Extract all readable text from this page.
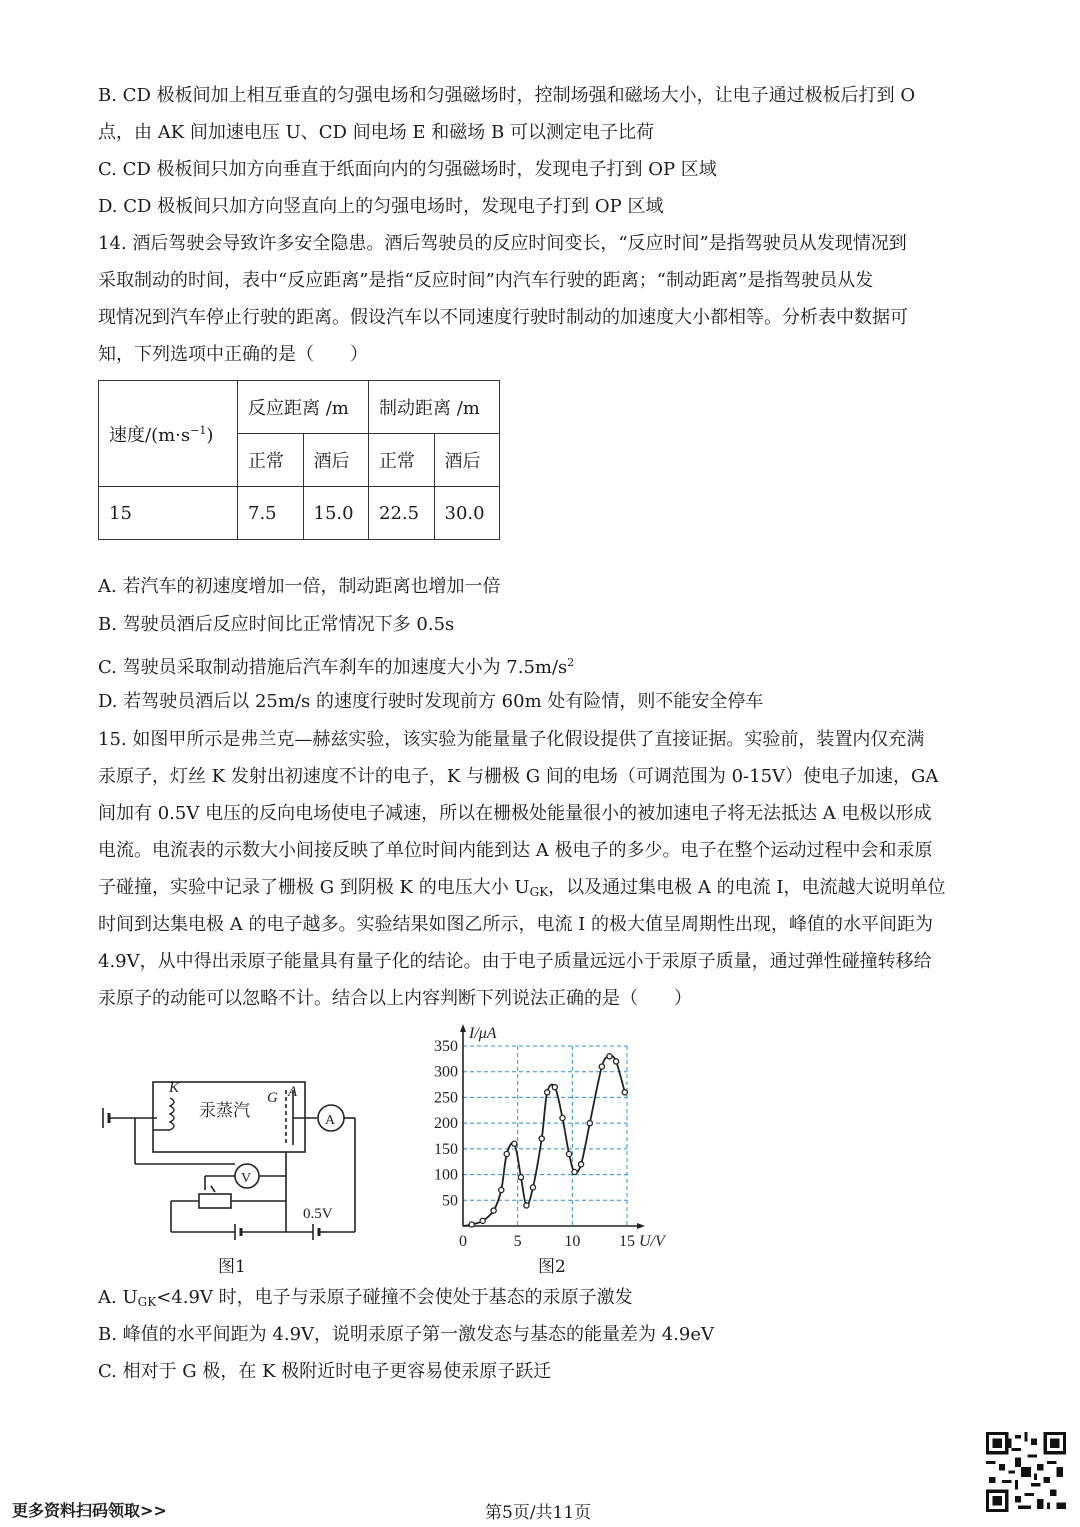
B. CD 极板间加上相互垂直的匀强电场和匀强磁场时，控制场强和磁场大小，让电子通过极板后打到 O
点，由 AK 间加速电压 U、CD 间电场 E 和磁场 B 可以测定电子比荷
C. CD 极板间只加方向垂直于纸面向内的匀强磁场时，发现电子打到 OP 区域
D. CD 极板间只加方向竖直向上的匀强电场时，发现电子打到 OP 区域
14. 酒后驾驶会导致许多安全隐患。酒后驾驶员的反应时间变长，“反应时间”是指驾驶员从发现情况到
采取制动的时间，表中“反应距离”是指“反应时间”内汽车行驶的距离；“制动距离”是指驾驶员从发
现情况到汽车停止行驶的距离。假设汽车以不同速度行驶时制动的加速度大小都相等。分析表中数据可
知，下列选项中正确的是（　　）
速度$/(m\cdot s^{-1})$	反应距离 /m		制动距离 /m	
	正常	酒后	正常	酒后
15	7.5	15.0	22.5	30.0
A. 若汽车的初速度增加一倍，制动距离也增加一倍
B. 驾驶员酒后反应时间比正常情况下多 0.5s
C. 驾驶员采取制动措施后汽车刹车的加速度大小为 $7.5m/s^2$
D. 若驾驶员酒后以 25m/s 的速度行驶时发现前方 60m 处有险情，则不能安全停车
15. 如图甲所示是弗兰克—赫兹实验，该实验为能量量子化假设提供了直接证据。实验前，装置内仅充满
汞原子，灯丝 K 发射出初速度不计的电子，K 与栅极 G 间的电场（可调范围为 0-15V）使电子加速，GA
间加有 0.5V 电压的反向电场使电子减速，所以在栅极处能量很小的被加速电子将无法抵达 A 电极以形成
电流。电流表的示数大小间接反映了单位时间内能到达 A 极电子的多少。电子在整个运动过程中会和汞原
子碰撞，实验中记录了栅极 G 到阴极 K 的电压大小 $U_{GK}$，以及通过集电极 A 的电流 I，电流越大说明单位
时间到达集电极 A 的电子越多。实验结果如图乙所示，电流 I 的极大值呈周期性出现，峰值的水平间距为
4.9V，从中得出汞原子能量具有量子化的结论。由于电子质量远远小于汞原子质量，通过弹性碰撞转移给
汞原子的动能可以忽略不计。结合以上内容判断下列说法正确的是（　　）
K
G A
汞蒸汽	A
V
0.5V
图1
350
300
250
200
150
100
50
0	5	10 15
I/μA
U/V
图2
A. $U_{GK}<4.9V$ 时，电子与汞原子碰撞不会使处于基态的汞原子激发
B. 峰值的水平间距为 4.9V，说明汞原子第一激发态与基态的能量差为 4.9eV
C. 相对于 G 极，在 K 极附近时电子更容易使汞原子跃迁
更多资料扫码领取>>	第5页/共11页
